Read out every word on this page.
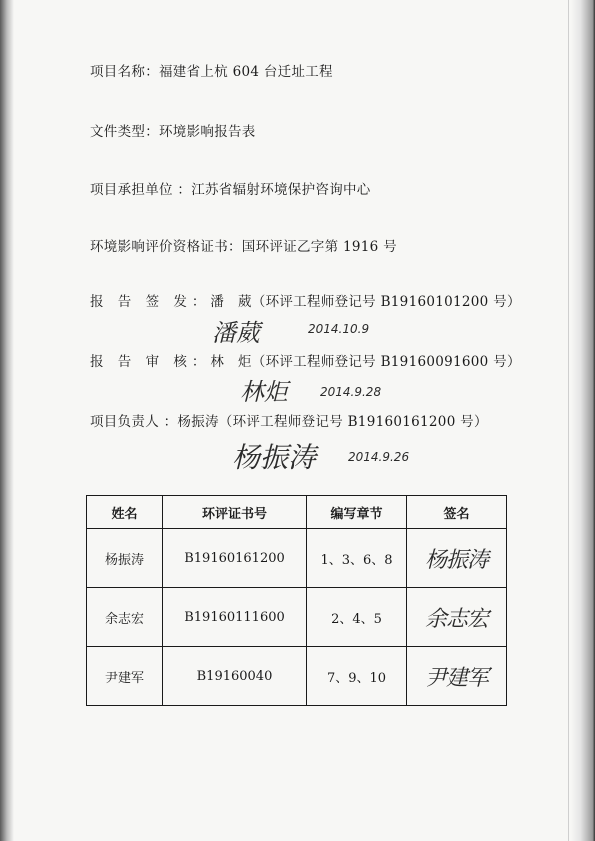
项目名称：福建省上杭 604 台迁址工程
文件类型：环境影响报告表
项目承担单位 ：江苏省辐射环境保护咨询中心
环境影响评价资格证书：国环评证乙字第 1916 号
报 告 签 发：潘　葳（环评工程师登记号 B19160101200 号）
潘葳	2014.10.9
报 告 审 核：林　炬（环评工程师登记号 B19160091600 号）
林炬	2014.9.28
项目负责人 ：杨振涛（环评工程师登记号 B19160161200 号）
杨振涛	2014.9.26
姓名	环评证书号	编写章节	签名
杨振涛	B19160161200	1、3、6、8	杨振涛
余志宏	B19160111600	2、4、5	余志宏
尹建军	B19160040	7、9、10	尹建军
